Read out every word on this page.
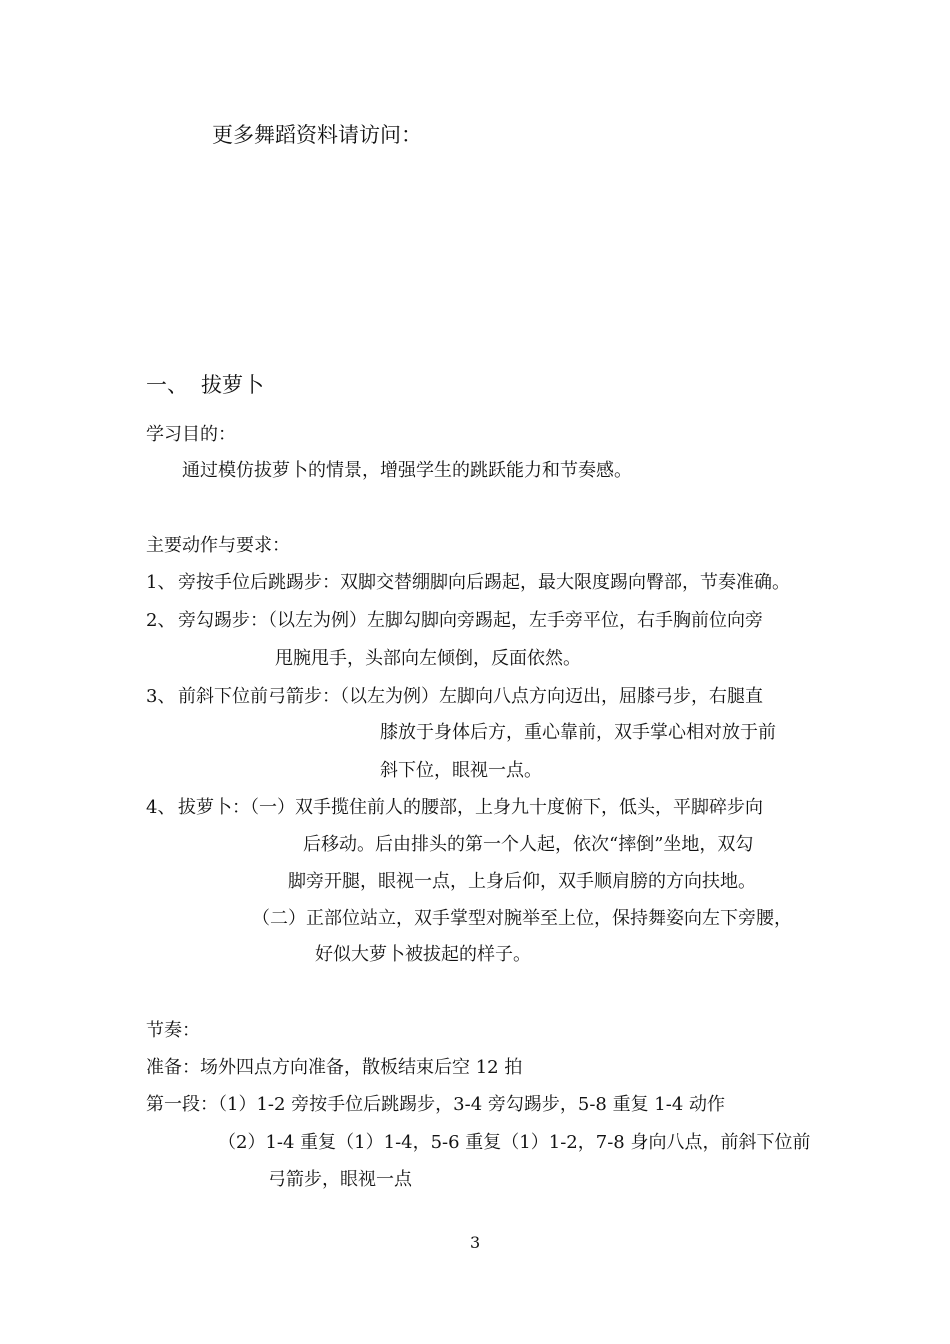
更多舞蹈资料请访问：
一、 拔萝卜
学习目的：
通过模仿拔萝卜的情景，增强学生的跳跃能力和节奏感。
主要动作与要求：
1、 旁按手位后跳踢步：双脚交替绷脚向后踢起，最大限度踢向臀部，节奏准确。
2、 旁勾踢步：（以左为例）左脚勾脚向旁踢起，左手旁平位，右手胸前位向旁
甩腕甩手，头部向左倾倒，反面依然。
3、 前斜下位前弓箭步：（以左为例）左脚向八点方向迈出，屈膝弓步，右腿直
膝放于身体后方，重心靠前，双手掌心相对放于前
斜下位，眼视一点。
4、 拔萝卜：（一）双手揽住前人的腰部，上身九十度俯下，低头，平脚碎步向
后移动。后由排头的第一个人起，依次“摔倒”坐地，双勾
脚旁开腿，眼视一点，上身后仰，双手顺肩膀的方向扶地。
（二）正部位站立，双手掌型对腕举至上位，保持舞姿向左下旁腰，
好似大萝卜被拔起的样子。
节奏：
准备：场外四点方向准备，散板结束后空 12 拍
第一段：（1）1-2 旁按手位后跳踢步，3-4 旁勾踢步，5-8 重复 1-4 动作
（2）1-4 重复（1）1-4，5-6 重复（1）1-2，7-8 身向八点，前斜下位前
弓箭步，眼视一点
3
